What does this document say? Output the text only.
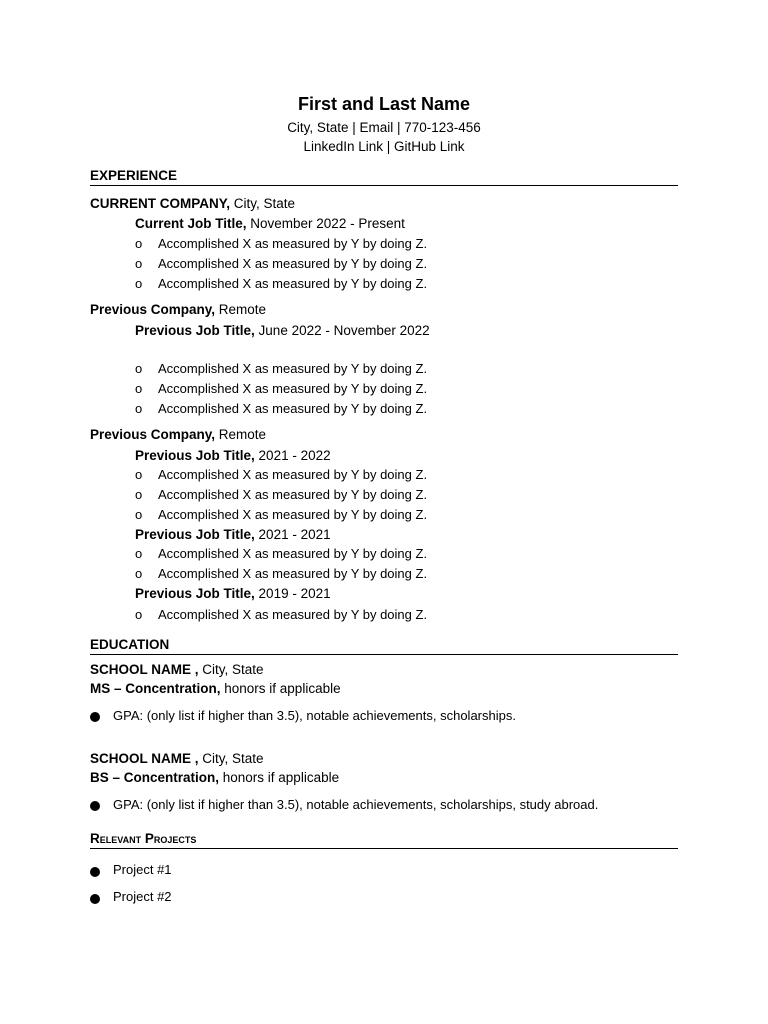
First and Last Name
City, State | Email | 770-123-456
LinkedIn Link | GitHub Link
EXPERIENCE
CURRENT COMPANY, City, State
Current Job Title, November 2022 - Present
o Accomplished X as measured by Y by doing Z.
o Accomplished X as measured by Y by doing Z.
o Accomplished X as measured by Y by doing Z.
Previous Company, Remote
Previous Job Title, June 2022 - November 2022
o Accomplished X as measured by Y by doing Z.
o Accomplished X as measured by Y by doing Z.
o Accomplished X as measured by Y by doing Z.
Previous Company, Remote
Previous Job Title, 2021 - 2022
o Accomplished X as measured by Y by doing Z.
o Accomplished X as measured by Y by doing Z.
o Accomplished X as measured by Y by doing Z.
Previous Job Title, 2021 - 2021
o Accomplished X as measured by Y by doing Z.
o Accomplished X as measured by Y by doing Z.
Previous Job Title, 2019 - 2021
o Accomplished X as measured by Y by doing Z.
EDUCATION
SCHOOL NAME , City, State
MS – Concentration, honors if applicable
GPA: (only list if higher than 3.5), notable achievements, scholarships.
SCHOOL NAME , City, State
BS – Concentration, honors if applicable
GPA: (only list if higher than 3.5), notable achievements, scholarships, study abroad.
Relevant Projects
Project #1
Project #2
